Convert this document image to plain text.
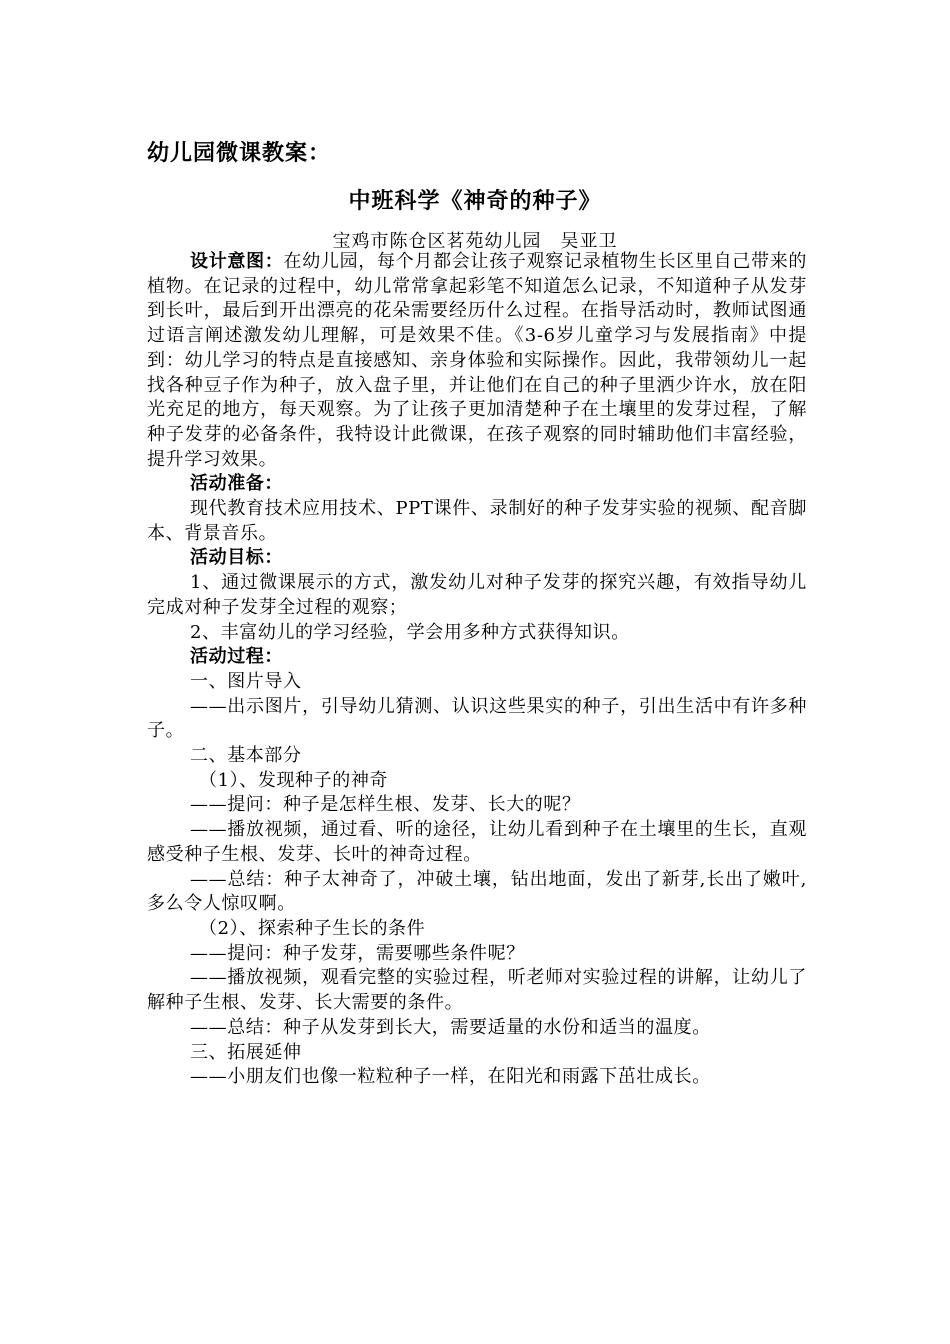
幼儿园微课教案：
中班科学《神奇的种子》
宝鸡市陈仓区茗苑幼儿园　吴亚卫

设计意图：在幼儿园，每个月都会让孩子观察记录植物生长区里自己带来的植物。在记录的过程中，幼儿常常拿起彩笔不知道怎么记录，不知道种子从发芽到长叶，最后到开出漂亮的花朵需要经历什么过程。在指导活动时，教师试图通过语言阐述激发幼儿理解，可是效果不佳。《3-6岁儿童学习与发展指南》中提到：幼儿学习的特点是直接感知、亲身体验和实际操作。因此，我带领幼儿一起找各种豆子作为种子，放入盘子里，并让他们在自己的种子里洒少许水，放在阳光充足的地方，每天观察。为了让孩子更加清楚种子在土壤里的发芽过程，了解种子发芽的必备条件，我特设计此微课，在孩子观察的同时辅助他们丰富经验，提升学习效果。

活动准备：

现代教育技术应用技术、PPT课件、录制好的种子发芽实验的视频、配音脚本、背景音乐。

活动目标：

1、通过微课展示的方式，激发幼儿对种子发芽的探究兴趣，有效指导幼儿完成对种子发芽全过程的观察；

2、丰富幼儿的学习经验，学会用多种方式获得知识。

活动过程：

一、图片导入

——出示图片，引导幼儿猜测、认识这些果实的种子，引出生活中有许多种子。

二、基本部分

（1）、发现种子的神奇

——提问：种子是怎样生根、发芽、长大的呢？

——播放视频，通过看、听的途径，让幼儿看到种子在土壤里的生长，直观感受种子生根、发芽、长叶的神奇过程。

——总结：种子太神奇了，冲破土壤，钻出地面，发出了新芽,长出了嫩叶,多么令人惊叹啊。

（2）、探索种子生长的条件

——提问：种子发芽，需要哪些条件呢？

——播放视频，观看完整的实验过程，听老师对实验过程的讲解，让幼儿了解种子生根、发芽、长大需要的条件。

——总结：种子从发芽到长大，需要适量的水份和适当的温度。

三、拓展延伸

——小朋友们也像一粒粒种子一样，在阳光和雨露下茁壮成长。
